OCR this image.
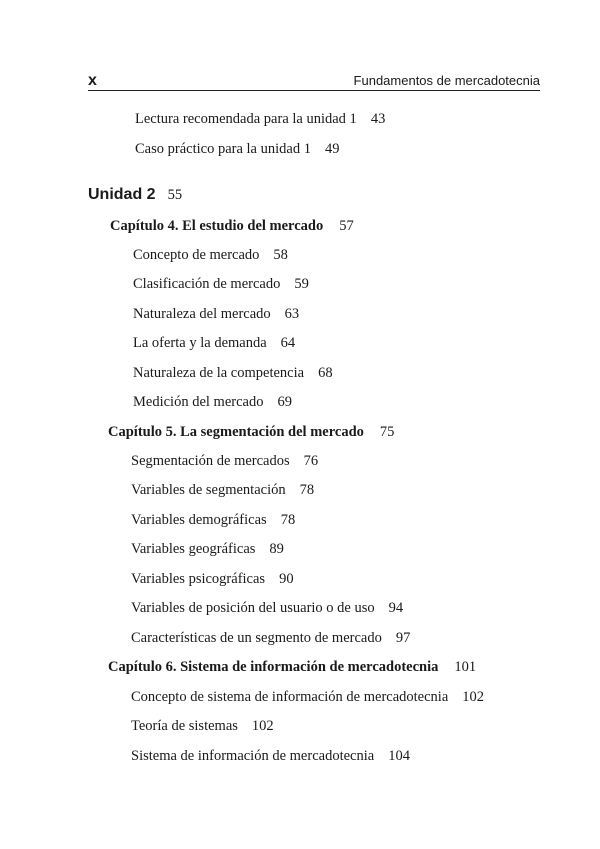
x	Fundamentos de mercadotecnia
Lectura recomendada para la unidad 1 43
Caso práctico para la unidad 1 49
Unidad 2 55
Capítulo 4. El estudio del mercado 57
Concepto de mercado 58
Clasificación de mercado 59
Naturaleza del mercado 63
La oferta y la demanda 64
Naturaleza de la competencia 68
Medición del mercado 69
Capítulo 5. La segmentación del mercado 75
Segmentación de mercados 76
Variables de segmentación 78
Variables demográficas 78
Variables geográficas 89
Variables psicográficas 90
Variables de posición del usuario o de uso 94
Características de un segmento de mercado 97
Capítulo 6. Sistema de información de mercadotecnia 101
Concepto de sistema de información de mercadotecnia 102
Teoría de sistemas 102
Sistema de información de mercadotecnia 104
